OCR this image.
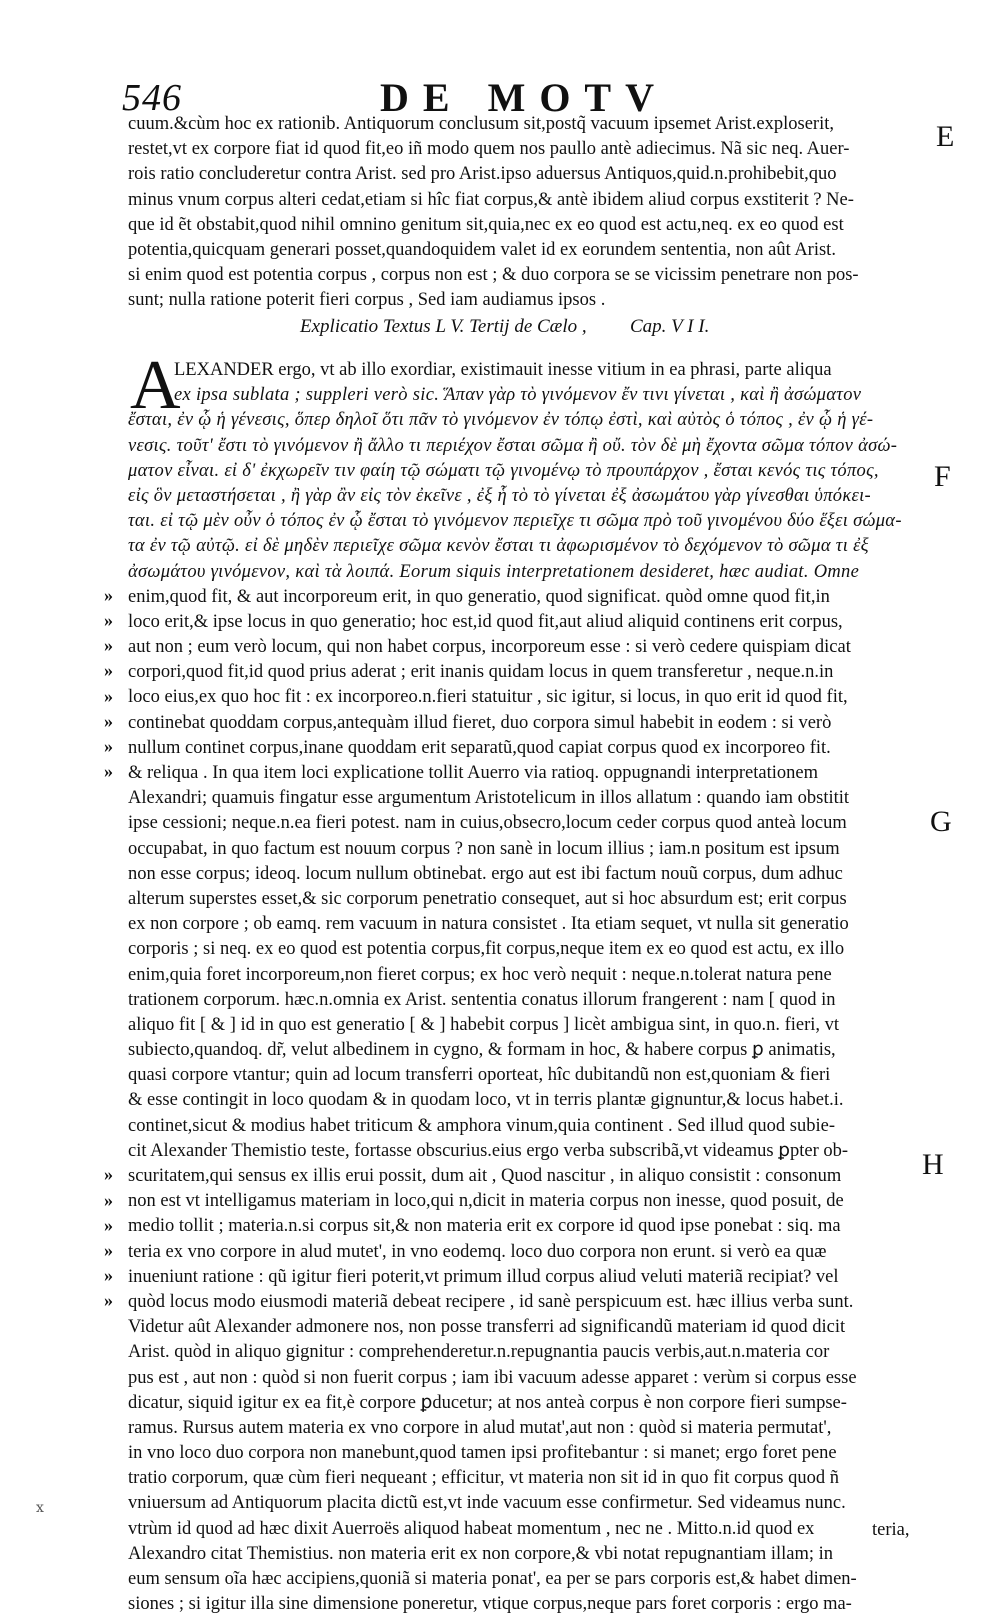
546	DE MOTV
cuum.&cùm hoc ex rationib. Antiquorum conclusum sit,postq̃ vacuum ipsemet Arist.exploserit,
restet,vt ex corpore fiat id quod fit,eo iñ modo quem nos paullo antè adiecimus. Nã sic neq. Auer-
rois ratio concluderetur contra Arist. sed pro Arist.ipso aduersus Antiquos,quid.n.prohibebit,quo
minus vnum corpus alteri cedat,etiam si hîc fiat corpus,& antè ibidem aliud corpus exstiterit ? Ne-
que id ẽt obstabit,quod nihil omnino genitum sit,quia,nec ex eo quod est actu,neq. ex eo quod est
potentia,quicquam generari posset,quandoquidem valet id ex eorundem sententia, non aût Arist.
si enim quod est potentia corpus , corpus non est ; & duo corpora se se vicissim penetrare non pos-
sunt; nulla ratione poterit fieri corpus , Sed iam audiamus ipsos .
Explicatio Textus L V. Tertij de Cælo , Cap. V I I.
A
LEXANDER ergo, vt ab illo exordiar, existimauit inesse vitium in ea phrasi, parte aliqua
ex ipsa sublata ; suppleri verò sic. Ἅπαν γὰρ τὸ γινόμενον ἔν τινι γίνεται , καὶ ἢ ἀσώματον
ἔσται, ἐν ᾧ ἡ γένεσις, ὅπερ δηλοῖ ὅτι πᾶν τὸ γινόμενον ἐν τόπῳ ἐστὶ, καὶ αὐτὸς ὁ τόπος , ἐν ᾧ ἡ γέ-
νεσις. τοῦτ' ἔστι τὸ γινόμενον ἢ ἄλλο τι περιέχον ἔσται σῶμα ἢ οὔ. τὸν δὲ μὴ ἔχοντα σῶμα τόπον ἀσώ-
ματον εἶναι. εἰ δ' ἐκχωρεῖν τιν φαίη τῷ σώματι τῷ γινομένῳ τὸ προυπάρχον , ἔσται κενός τις τόπος,
εἰς ὃν μεταστήσεται , ἢ γὰρ ἂν εἰς τὸν ἐκεῖνε , ἐξ ἧ τὸ τὸ γίνεται ἐξ ἀσωμάτου γὰρ γίνεσθαι ὑπόκει-
ται. εἰ τῷ μὲν οὖν ὁ τόπος ἐν ᾧ ἔσται τὸ γινόμενον περιεῖχε τι σῶμα πρὸ τοῦ γινομένου δύο ἕξει σώμα-
τα ἐν τῷ αὐτῷ. εἰ δὲ μηδὲν περιεῖχε σῶμα κενὸν ἔσται τι ἀφωρισμένον τὸ δεχόμενον τὸ σῶμα τι ἐξ
ἀσωμάτου γινόμενον, καὶ τὰ λοιπά. Eorum siquis interpretationem desideret, hæc audiat. Omne
enim,quod fit, & aut incorporeum erit, in quo generatio, quod significat. quòd omne quod fit,in
loco erit,& ipse locus in quo generatio; hoc est,id quod fit,aut aliud aliquid continens erit corpus,
aut non ; eum verò locum, qui non habet corpus, incorporeum esse : si verò cedere quispiam dicat
corpori,quod fit,id quod prius aderat ; erit inanis quidam locus in quem transferetur , neque.n.in
loco eius,ex quo hoc fit : ex incorporeo.n.fieri statuitur , sic igitur, si locus, in quo erit id quod fit,
continebat quoddam corpus,antequàm illud fieret, duo corpora simul habebit in eodem : si verò
nullum continet corpus,inane quoddam erit separatũ,quod capiat corpus quod ex incorporeo fit.
& reliqua . In qua item loci explicatione tollit Auerro via ratioq. oppugnandi interpretationem
Alexandri; quamuis fingatur esse argumentum Aristotelicum in illos allatum : quando iam obstitit
ipse cessioni; neque.n.ea fieri potest. nam in cuius,obsecro,locum ceder corpus quod anteà locum
occupabat, in quo factum est nouum corpus ? non sanè in locum illius ; iam.n positum est ipsum
non esse corpus; ideoq. locum nullum obtinebat. ergo aut est ibi factum nouũ corpus, dum adhuc
alterum superstes esset,& sic corporum penetratio consequet, aut si hoc absurdum est; erit corpus
ex non corpore ; ob eamq. rem vacuum in natura consistet . Ita etiam sequet, vt nulla sit generatio
corporis ; si neq. ex eo quod est potentia corpus,fit corpus,neque item ex eo quod est actu, ex illo
enim,quia foret incorporeum,non fieret corpus; ex hoc verò nequit : neque.n.tolerat natura pene
trationem corporum. hæc.n.omnia ex Arist. sententia conatus illorum frangerent : nam [ quod in
aliquo fit [ & ] id in quo est generatio [ & ] habebit corpus ] licèt ambigua sint, in quo.n. fieri, vt
subiecto,quandoq. dr̃, velut albedinem in cygno, & formam in hoc, & habere corpus ꝑ animatis,
quasi corpore vtantur; quin ad locum transferri oporteat, hîc dubitandũ non est,quoniam & fieri
& esse contingit in loco quodam & in quodam loco, vt in terris plantæ gignuntur,& locus habet.i.
continet,sicut & modius habet triticum & amphora vinum,quia continent . Sed illud quod subie-
cit Alexander Themistio teste, fortasse obscurius.eius ergo verba subscribã,vt videamus ꝑpter ob-
scuritatem,qui sensus ex illis erui possit, dum ait , Quod nascitur , in aliquo consistit : consonum
non est vt intelligamus materiam in loco,qui n,dicit in materia corpus non inesse, quod posuit, de
medio tollit ; materia.n.si corpus sit,& non materia erit ex corpore id quod ipse ponebat : siq. ma
teria ex vno corpore in alud mutet', in vno eodemq. loco duo corpora non erunt. si verò ea quæ
inueniunt ratione : qũ igitur fieri poterit,vt primum illud corpus aliud veluti materiã recipiat? vel
quòd locus modo eiusmodi materiã debeat recipere , id sanè perspicuum est. hæc illius verba sunt.
Videtur aût Alexander admonere nos, non posse transferri ad significandũ materiam id quod dicit
Arist. quòd in aliquo gignitur : comprehenderetur.n.repugnantia paucis verbis,aut.n.materia cor
pus est , aut non : quòd si non fuerit corpus ; iam ibi vacuum adesse apparet : verùm si corpus esse
dicatur, siquid igitur ex ea fit,è corpore ꝑducetur; at nos anteà corpus è non corpore fieri sumpse-
ramus. Rursus autem materia ex vno corpore in alud mutat',aut non : quòd si materia permutat',
in vno loco duo corpora non manebunt,quod tamen ipsi profitebantur : si manet; ergo foret pene
tratio corporum, quæ cùm fieri nequeant ; efficitur, vt materia non sit id in quo fit corpus quod ñ
vniuersum ad Antiquorum placita dictũ est,vt inde vacuum esse confirmetur. Sed videamus nunc.
vtrùm id quod ad hæc dixit Auerroës aliquod habeat momentum , nec ne . Mitto.n.id quod ex
Alexandro citat Themistius. non materia erit ex non corpore,& vbi notat repugnantiam illam; in
eum sensum oĩa hæc accipiens,quoniã si materia ponat', ea per se pars corporis est,& habet dimen-
siones ; si igitur illa sine dimensione poneretur, vtique corpus,neque pars foret corporis : ergo ma-
E
F
G
H
»
»
»
»
»
»
»
»
»
»
»
»
»
»
teria,
ⅹ
